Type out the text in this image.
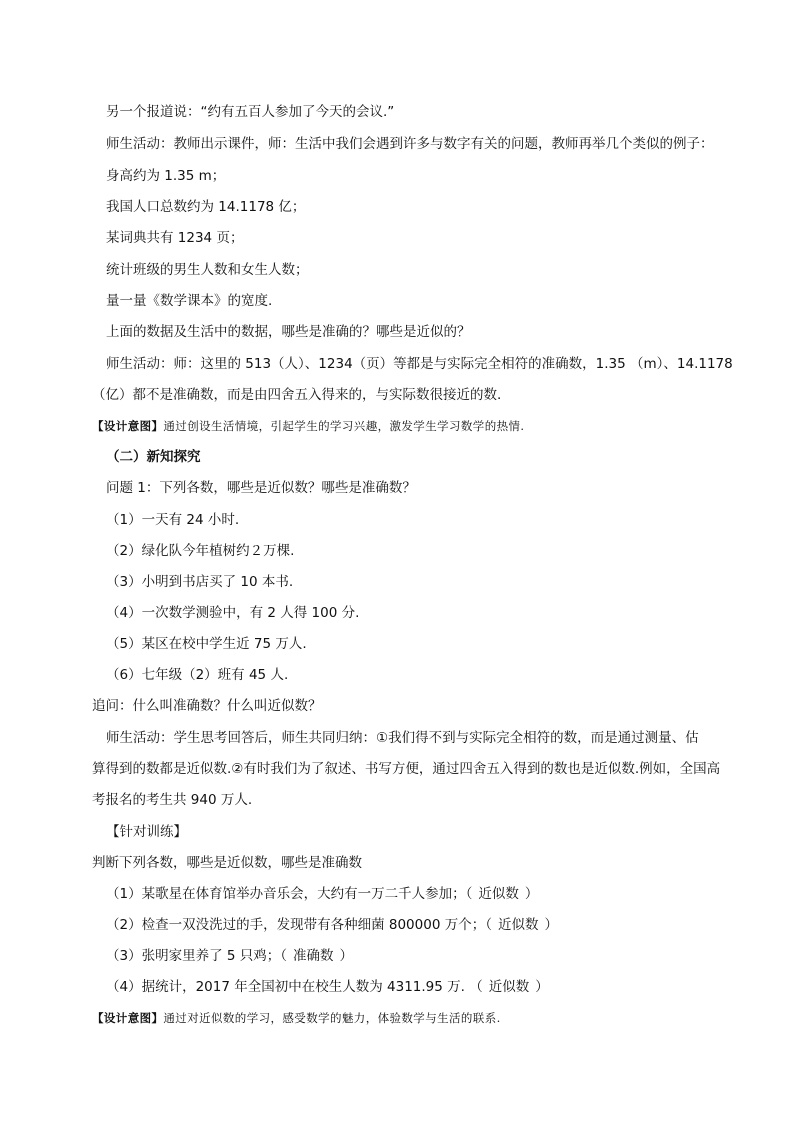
另一个报道说：“约有五百人参加了今天的会议.”
师生活动：教师出示课件，师：生活中我们会遇到许多与数字有关的问题，教师再举几个类似的例子：
身高约为 1.35 m；
我国人口总数约为 14.1178 亿；
某词典共有 1234 页；
统计班级的男生人数和女生人数；
量一量《数学课本》的宽度.
上面的数据及生活中的数据，哪些是准确的？哪些是近似的？
师生活动：师：这里的 513（人）、1234（页）等都是与实际完全相符的准确数，1.35 （m）、14.1178
（亿）都不是准确数，而是由四舍五入得来的，与实际数很接近的数.
【设计意图】通过创设生活情境，引起学生的学习兴趣，激发学生学习数学的热情.
（二）新知探究
问题 1：下列各数，哪些是近似数？哪些是准确数？
（1）一天有 24 小时.
（2）绿化队今年植树约２万棵.
（3）小明到书店买了 10 本书.
（4）一次数学测验中，有 2 人得 100 分.
（5）某区在校中学生近 75 万人.
（6）七年级（2）班有 45 人.
追问：什么叫准确数？什么叫近似数？
师生活动：学生思考回答后，师生共同归纳：①我们得不到与实际完全相符的数，而是通过测量、估
算得到的数都是近似数.②有时我们为了叙述、书写方便，通过四舍五入得到的数也是近似数.例如，全国高
考报名的考生共 940 万人.
【针对训练】
判断下列各数，哪些是近似数，哪些是准确数
（1）某歌星在体育馆举办音乐会，大约有一万二千人参加；（ 近似数 ）
（2）检查一双没洗过的手，发现带有各种细菌 800000 万个；（ 近似数 ）
（3）张明家里养了 5 只鸡；（ 准确数 ）
（4）据统计，2017 年全国初中在校生人数为 4311.95 万. （ 近似数 ）
【设计意图】通过对近似数的学习，感受数学的魅力，体验数学与生活的联系.
